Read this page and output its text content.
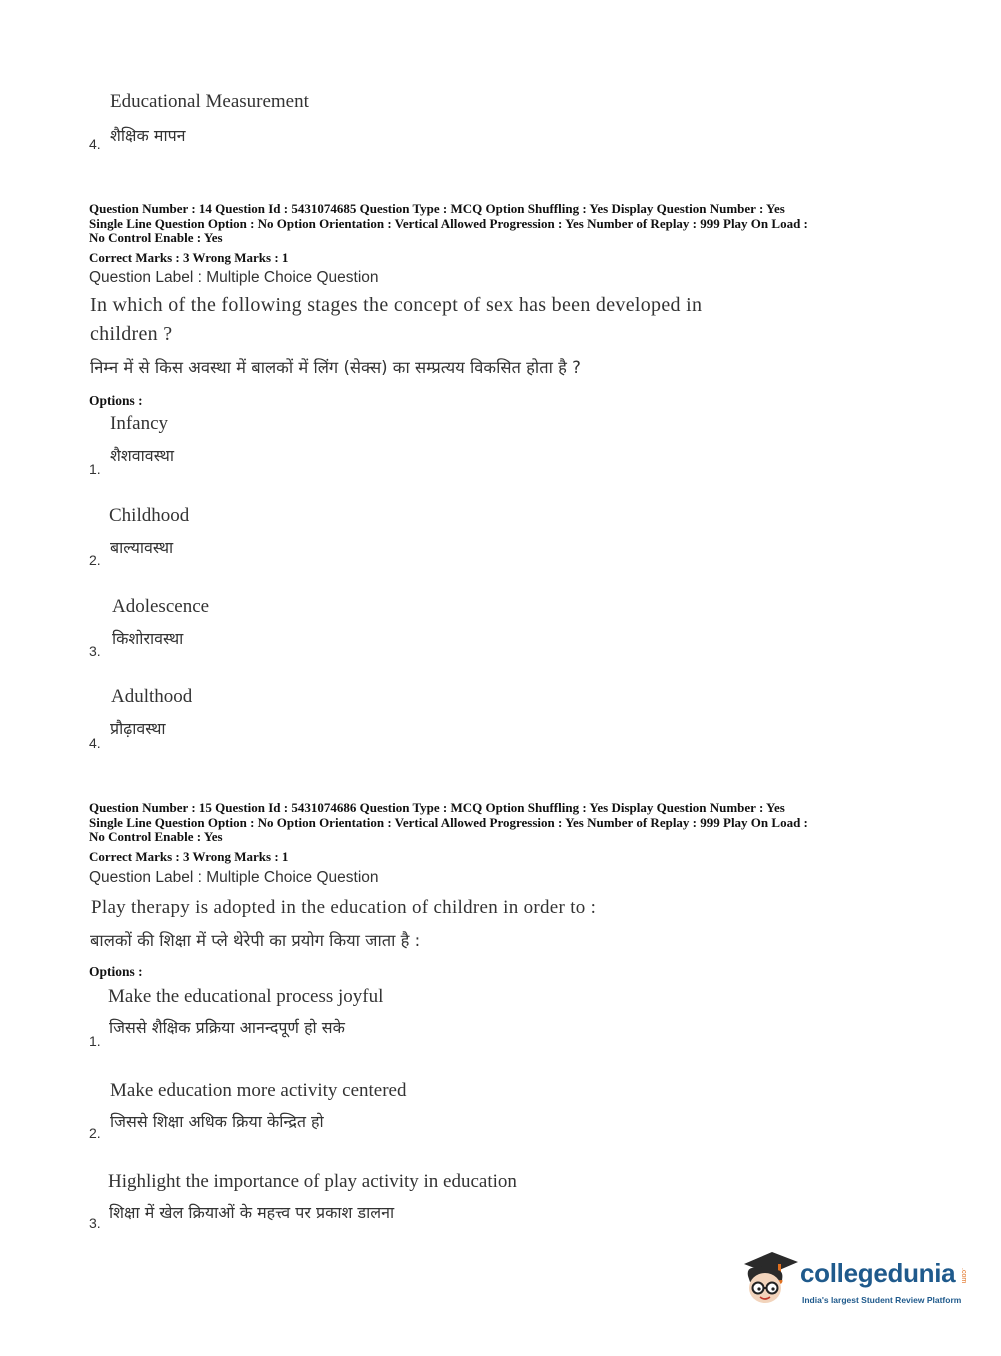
Educational Measurement
शैक्षिक मापन
4.
Question Number : 14 Question Id : 5431074685 Question Type : MCQ Option Shuffling : Yes Display Question Number : Yes
Single Line Question Option : No Option Orientation : Vertical Allowed Progression : Yes Number of Replay : 999 Play On Load :
No Control Enable : Yes
Correct Marks : 3 Wrong Marks : 1
Question Label : Multiple Choice Question
In which of the following stages the concept of sex has been developed in
children ?
निम्न में से किस अवस्था में बालकों में लिंग (सेक्स) का सम्प्रत्यय विकसित होता है ?
Options :
Infancy
शैशवावस्था
1.
Childhood
बाल्यावस्था
2.
Adolescence
किशोरावस्था
3.
Adulthood
प्रौढ़ावस्था
4.
Question Number : 15 Question Id : 5431074686 Question Type : MCQ Option Shuffling : Yes Display Question Number : Yes
Single Line Question Option : No Option Orientation : Vertical Allowed Progression : Yes Number of Replay : 999 Play On Load :
No Control Enable : Yes
Correct Marks : 3 Wrong Marks : 1
Question Label : Multiple Choice Question
Play therapy is adopted in the education of children in order to :
बालकों की शिक्षा में प्ले थेरेपी का प्रयोग किया जाता है :
Options :
Make the educational process joyful
जिससे शैक्षिक प्रक्रिया आनन्दपूर्ण हो सके
1.
Make education more activity centered
जिससे शिक्षा अधिक क्रिया केन्द्रित हो
2.
Highlight the importance of play activity in education
शिक्षा में खेल क्रियाओं के महत्त्व पर प्रकाश डालना
3.
collegedunia .com
India's largest Student Review Platform
